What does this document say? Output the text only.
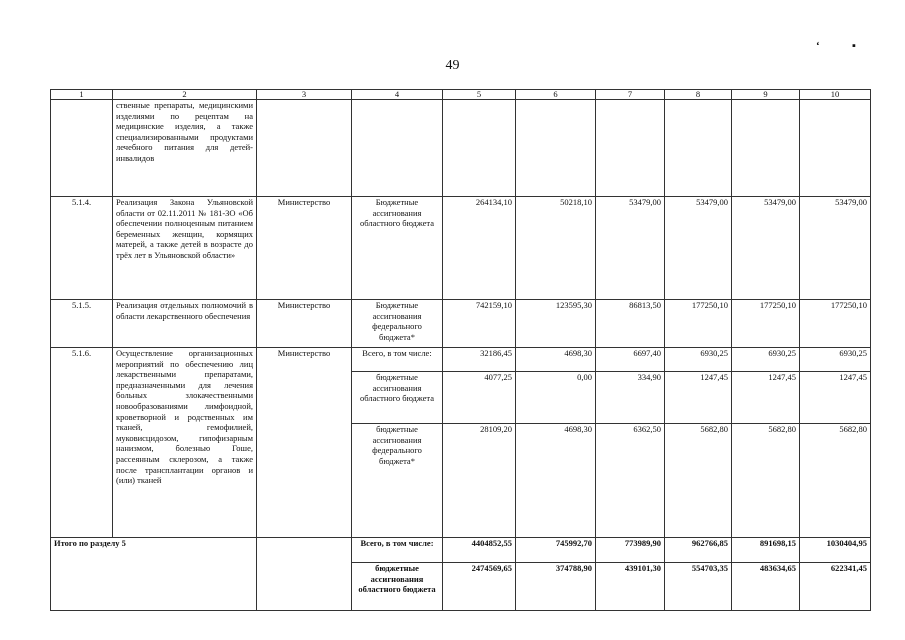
49
‘	▪
1	2	3	4	5	6	7	8	9	10
	ственные препараты, медицинскими изделиями по рецептам на медицинские изделия, а также специализированными продуктами лечебного питания для детей-инвалидов								
5.1.4.	Реализация Закона Ульяновской области от 02.11.2011 № 181-ЗО «Об обеспечении полноценным питанием беременных женщин, кормящих матерей, а также детей в возрасте до трёх лет в Ульяновской области»	Министерство	Бюджетные ассигнования областного бюджета	264134,10	50218,10	53479,00	53479,00	53479,00	53479,00
5.1.5.	Реализация отдельных полномочий в области лекарственного обеспечения	Министерство	Бюджетные ассигнования федерального бюджета*	742159,10	123595,30	86813,50	177250,10	177250,10	177250,10
5.1.6.	Осуществление организационных мероприятий по обеспечению лиц лекарственными препаратами, предназначенными для лечения больных злокачественными новообразованиями лимфоидной, кроветворной и родственных им тканей, гемофилией, муковисцидозом, гипофизарным нанизмом, болезнью Гоше, рассеянным склерозом, а также после трансплантации органов и (или) тканей	Министерство	Всего, в том числе:	32186,45	4698,30	6697,40	6930,25	6930,25	6930,25
			бюджетные ассигнования областного бюджета	4077,25	0,00	334,90	1247,45	1247,45	1247,45
			бюджетные ассигнования федерального бюджета*	28109,20	4698,30	6362,50	5682,80	5682,80	5682,80
Итого по разделу 5			Всего, в том числе:	4404852,55	745992,70	773989,90	962766,85	891698,15	1030404,95
			бюджетные ассигнования областного бюджета	2474569,65	374788,90	439101,30	554703,35	483634,65	622341,45
